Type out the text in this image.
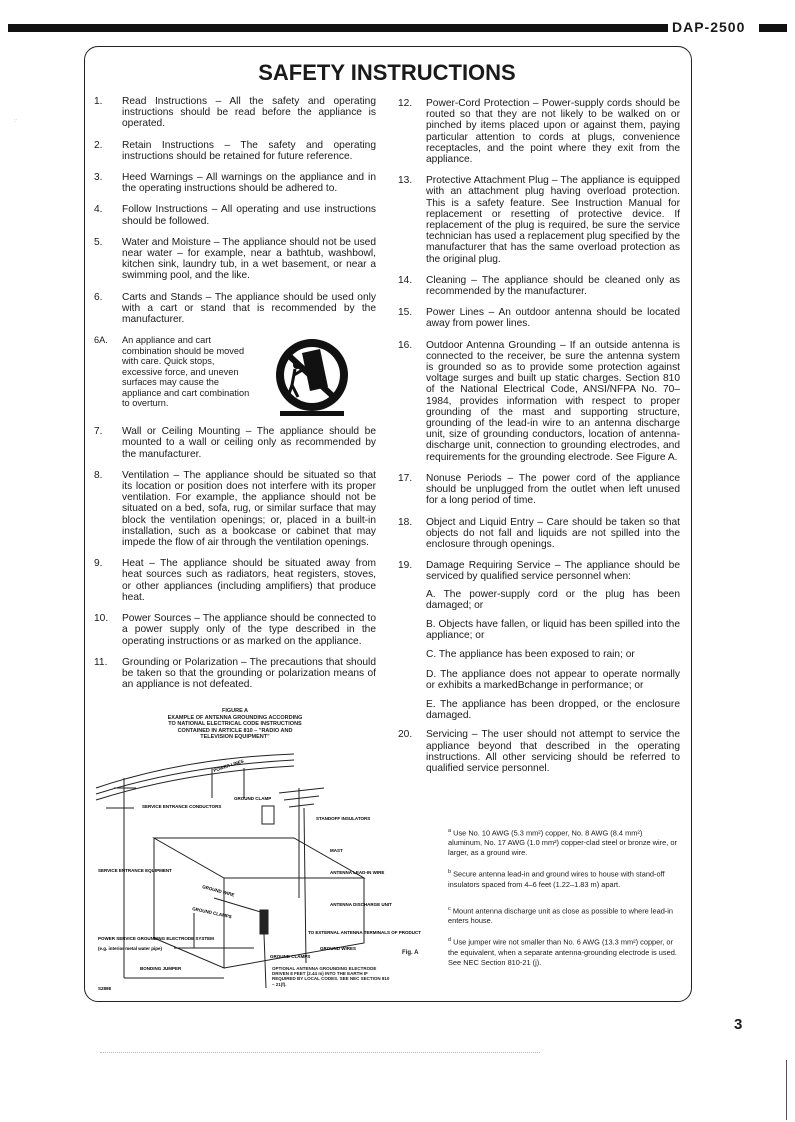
DAP-2500
∵
SAFETY INSTRUCTIONS
1.	Read Instructions – All the safety and operating instructions should be read before the appliance is operated.
2.	Retain Instructions – The safety and operating instructions should be retained for future reference.
3.	Heed Warnings – All warnings on the appliance and in the operating instructions should be adhered to.
4.	Follow Instructions – All operating and use instructions should be followed.
5.	Water and Moisture – The appliance should not be used near water – for example, near a bathtub, washbowl, kitchen sink, laundry tub, in a wet basement, or near a swimming pool, and the like.
6.	Carts and Stands – The appliance should be used only with a cart or stand that is recommended by the manufacturer.
6A.	An appliance and cart combination should be moved with care. Quick stops, excessive force, and uneven surfaces may cause the appliance and cart combination to overturn.
7.	Wall or Ceiling Mounting – The appliance should be mounted to a wall or ceiling only as recommended by the manufacturer.
8.	Ventilation – The appliance should be situated so that its location or position does not interfere with its proper ventilation. For example, the appliance should not be situated on a bed, sofa, rug, or similar surface that may block the ventilation openings; or, placed in a built-in installation, such as a bookcase or cabinet that may impede the flow of air through the ventilation openings.
9.	Heat – The appliance should be situated away from heat sources such as radiators, heat registers, stoves, or other appliances (including amplifiers) that produce heat.
10.	Power Sources – The appliance should be connected to a power supply only of the type described in the operating instructions or as marked on the appliance.
11.	Grounding or Polarization – The precautions that should be taken so that the grounding or polarization means of an appliance is not defeated.
FIGURE A
EXAMPLE OF ANTENNA GROUNDING ACCORDING
TO NATIONAL ELECTRICAL CODE INSTRUCTIONS
CONTAINED IN ARTICLE 810 – "RADIO AND
TELEVISION EQUIPMENT"
POWER LINES
SERVICE ENTRANCE CONDUCTORS
GROUND CLAMP
STANDOFF INSULATORS
MAST
SERVICE ENTRANCE EQUIPMENT	ANTENNA LEAD-IN WIRE
GROUND WIRE
GROUND CLAMPS
ANTENNA DISCHARGE UNIT
POWER SERVICE GROUNDING ELECTRODE SYSTEM
(e.g. interior metal water pipe)
TO EXTERNAL ANTENNA TERMINALS OF PRODUCT
GROUND WIRES
GROUND CLAMPS
BONDING JUMPER	OPTIONAL ANTENNA GROUNDING ELECTRODE DRIVEN 8 FEET (2.44 m) INTO THE EARTH IF REQUIRED BY LOCAL CODES. SEE NEC SECTION 810 – 21(f).
S2898
Fig. A
12.	Power-Cord Protection – Power-supply cords should be routed so that they are not likely to be walked on or pinched by items placed upon or against them, paying particular attention to cords at plugs, convenience receptacles, and the point where they exit from the appliance.
13.	Protective Attachment Plug – The appliance is equipped with an attachment plug having overload protection. This is a safety feature. See Instruction Manual for replacement or resetting of protective device. If replacement of the plug is required, be sure the service technician has used a replacement plug specified by the manufacturer that has the same overload protection as the original plug.
14.	Cleaning – The appliance should be cleaned only as recommended by the manufacturer.
15.	Power Lines – An outdoor antenna should be located away from power lines.
16.	Outdoor Antenna Grounding – If an outside antenna is connected to the receiver, be sure the antenna system is grounded so as to provide some protection against voltage surges and built up static charges. Section 810 of the National Electrical Code, ANSI/NFPA No. 70–1984, provides information with respect to proper grounding of the mast and supporting structure, grounding of the lead-in wire to an antenna discharge unit, size of grounding conductors, location of antenna-discharge unit, connection to grounding electrodes, and requirements for the grounding electrode. See Figure A.
17.	Nonuse Periods – The power cord of the appliance should be unplugged from the outlet when left unused for a long period of time.
18.	Object and Liquid Entry – Care should be taken so that objects do not fall and liquids are not spilled into the enclosure through openings.
19.	Damage Requiring Service – The appliance should be serviced by qualified service personnel when:
A. The power-supply cord or the plug has been damaged; or
B. Objects have fallen, or liquid has been spilled into the appliance; or
C. The appliance has been exposed to rain; or
D. The appliance does not appear to operate normally or exhibits a markedBchange in performance; or
E. The appliance has been dropped, or the enclosure damaged.
20.	Servicing – The user should not attempt to service the appliance beyond that described in the operating instructions. All other servicing should be referred to qualified service personnel.
$^a$ Use No. 10 AWG (5.3 mm²) copper, No. 8 AWG (8.4 mm²) aluminum, No. 17 AWG (1.0 mm²) copper-clad steel or bronze wire, or larger, as a ground wire.
$^b$ Secure antenna lead-in and ground wires to house with stand-off insulators spaced from 4–6 feet (1.22–1.83 m) apart.
$^c$ Mount antenna discharge unit as close as possible to where lead-in enters house.
$^d$ Use jumper wire not smaller than No. 6 AWG (13.3 mm²) copper, or the equivalent, when a separate antenna-grounding electrode is used. See NEC Section 810-21 (j).
3
